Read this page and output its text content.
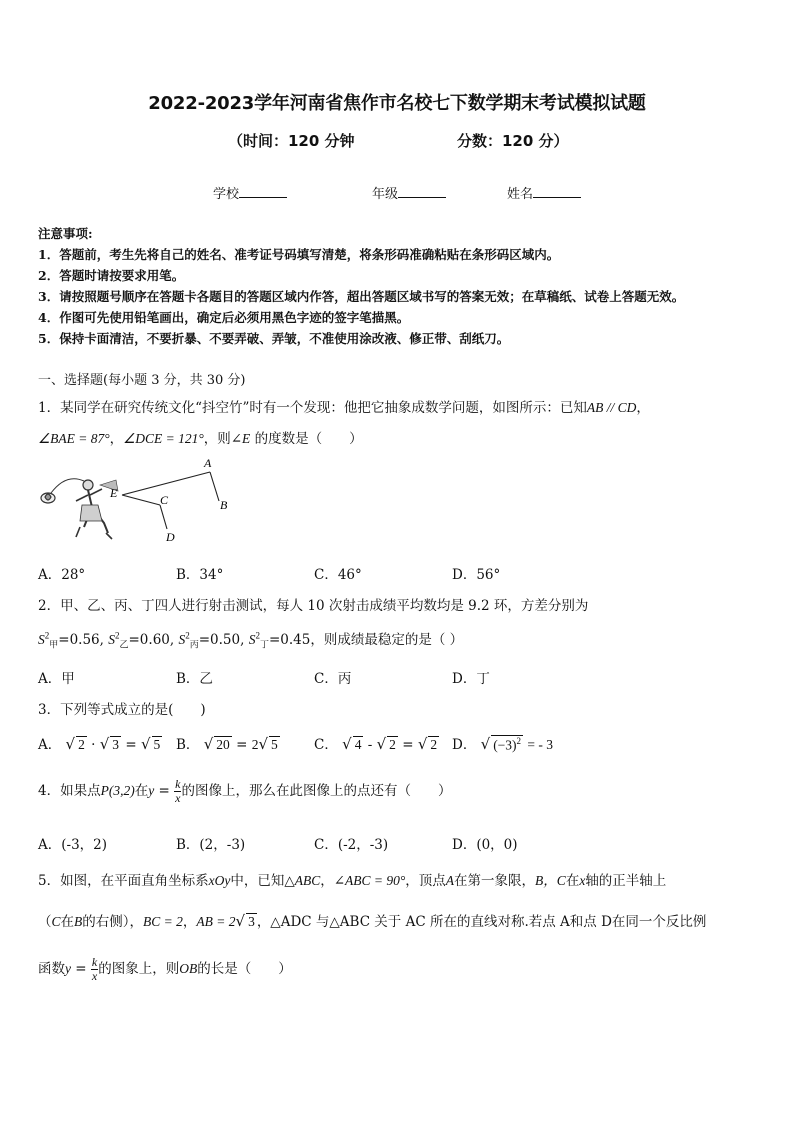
2022-2023学年河南省焦作市名校七下数学期末考试模拟试题
（时间：120 分钟	分数：120 分）
学校	年级	姓名
注意事项:
1．答题前，考生先将自己的姓名、准考证号码填写清楚，将条形码准确粘贴在条形码区域内。
2．答题时请按要求用笔。
3．请按照题号顺序在答题卡各题目的答题区域内作答，超出答题区域书写的答案无效；在草稿纸、试卷上答题无效。
4．作图可先使用铅笔画出，确定后必须用黑色字迹的签字笔描黑。
5．保持卡面清洁，不要折暴、不要弄破、弄皱，不准使用涂改液、修正带、刮纸刀。
一、选择题(每小题 3 分，共 30 分)
1．某同学在研究传统文化“抖空竹”时有一个发现：他把它抽象成数学问题，如图所示：已知AB // CD，
∠BAE = 87°，∠DCE = 121°，则∠E 的度数是（　　）
A
B
C
D
E
A．28°	B．34°	C．46°	D．56°
2．甲、乙、丙、丁四人进行射击测试，每人 10 次射击成绩平均数均是 9.2 环，方差分别为
$S^2_甲=0.56$, $S^2_乙=0.60$, $S^2_丙=0.50$, $S^2_丁=0.45$，则成绩最稳定的是（ ）
A．甲	B．乙	C．丙	D．丁
3．下列等式成立的是(　　)
A． √ 2 · √ 3 = √ 5 B． √ 20 = 2√ 5	C． √ 4 - √ 2 = √ 2 D． √ $(-3)^2$ = - 3
4．如果点P(3,2)在$y = \frac{k}{x}$ 的图像上，那么在此图像上的点还有（　　）
A．(-3，2)	B．(2，-3)	C．(-2，-3)	D．(0，0)
5．如图，在平面直角坐标系xOy中，已知△ABC，∠ABC = 90°，顶点A在第一象限，B，C在x轴的正半轴上
（C在B的右侧），BC = 2，AB = 2√ 3 ，△ADC 与△ABC 关于 AC 所在的直线对称.若点 A和点 D在同一个反比例
函数$y = \frac{k}{x}$ 的图象上，则OB的长是（　　）
